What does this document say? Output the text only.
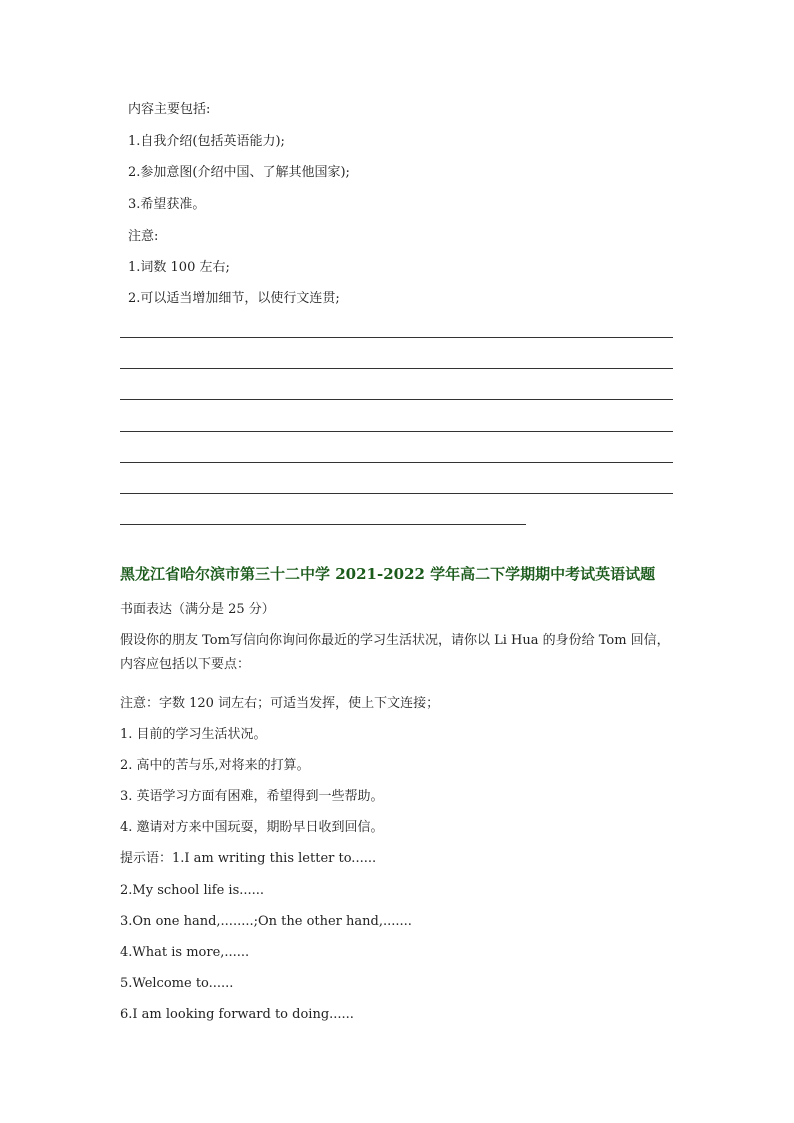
内容主要包括:

1.自我介绍(包括英语能力);

2.参加意图(介绍中国、了解其他国家);

3.希望获准。

注意:

1.词数 100 左右;

2.可以适当增加细节，以使行文连贯;

黑龙江省哈尔滨市第三十二中学 2021-2022 学年高二下学期期中考试英语试题

书面表达（满分是 25 分）

假设你的朋友 Tom写信向你询问你最近的学习生活状况，请你以 Li Hua 的身份给 Tom 回信，内容应包括以下要点：

注意：字数 120 词左右；可适当发挥，使上下文连接；

1. 目前的学习生活状况。

2. 高中的苦与乐,对将来的打算。

3. 英语学习方面有困难，希望得到一些帮助。

4. 邀请对方来中国玩耍，期盼早日收到回信。

提示语：1.I am writing this letter to......

2.My school life is......

3.On one hand,........;On the other hand,.......

4.What is more,......

5.Welcome to......

6.I am looking forward to doing......
